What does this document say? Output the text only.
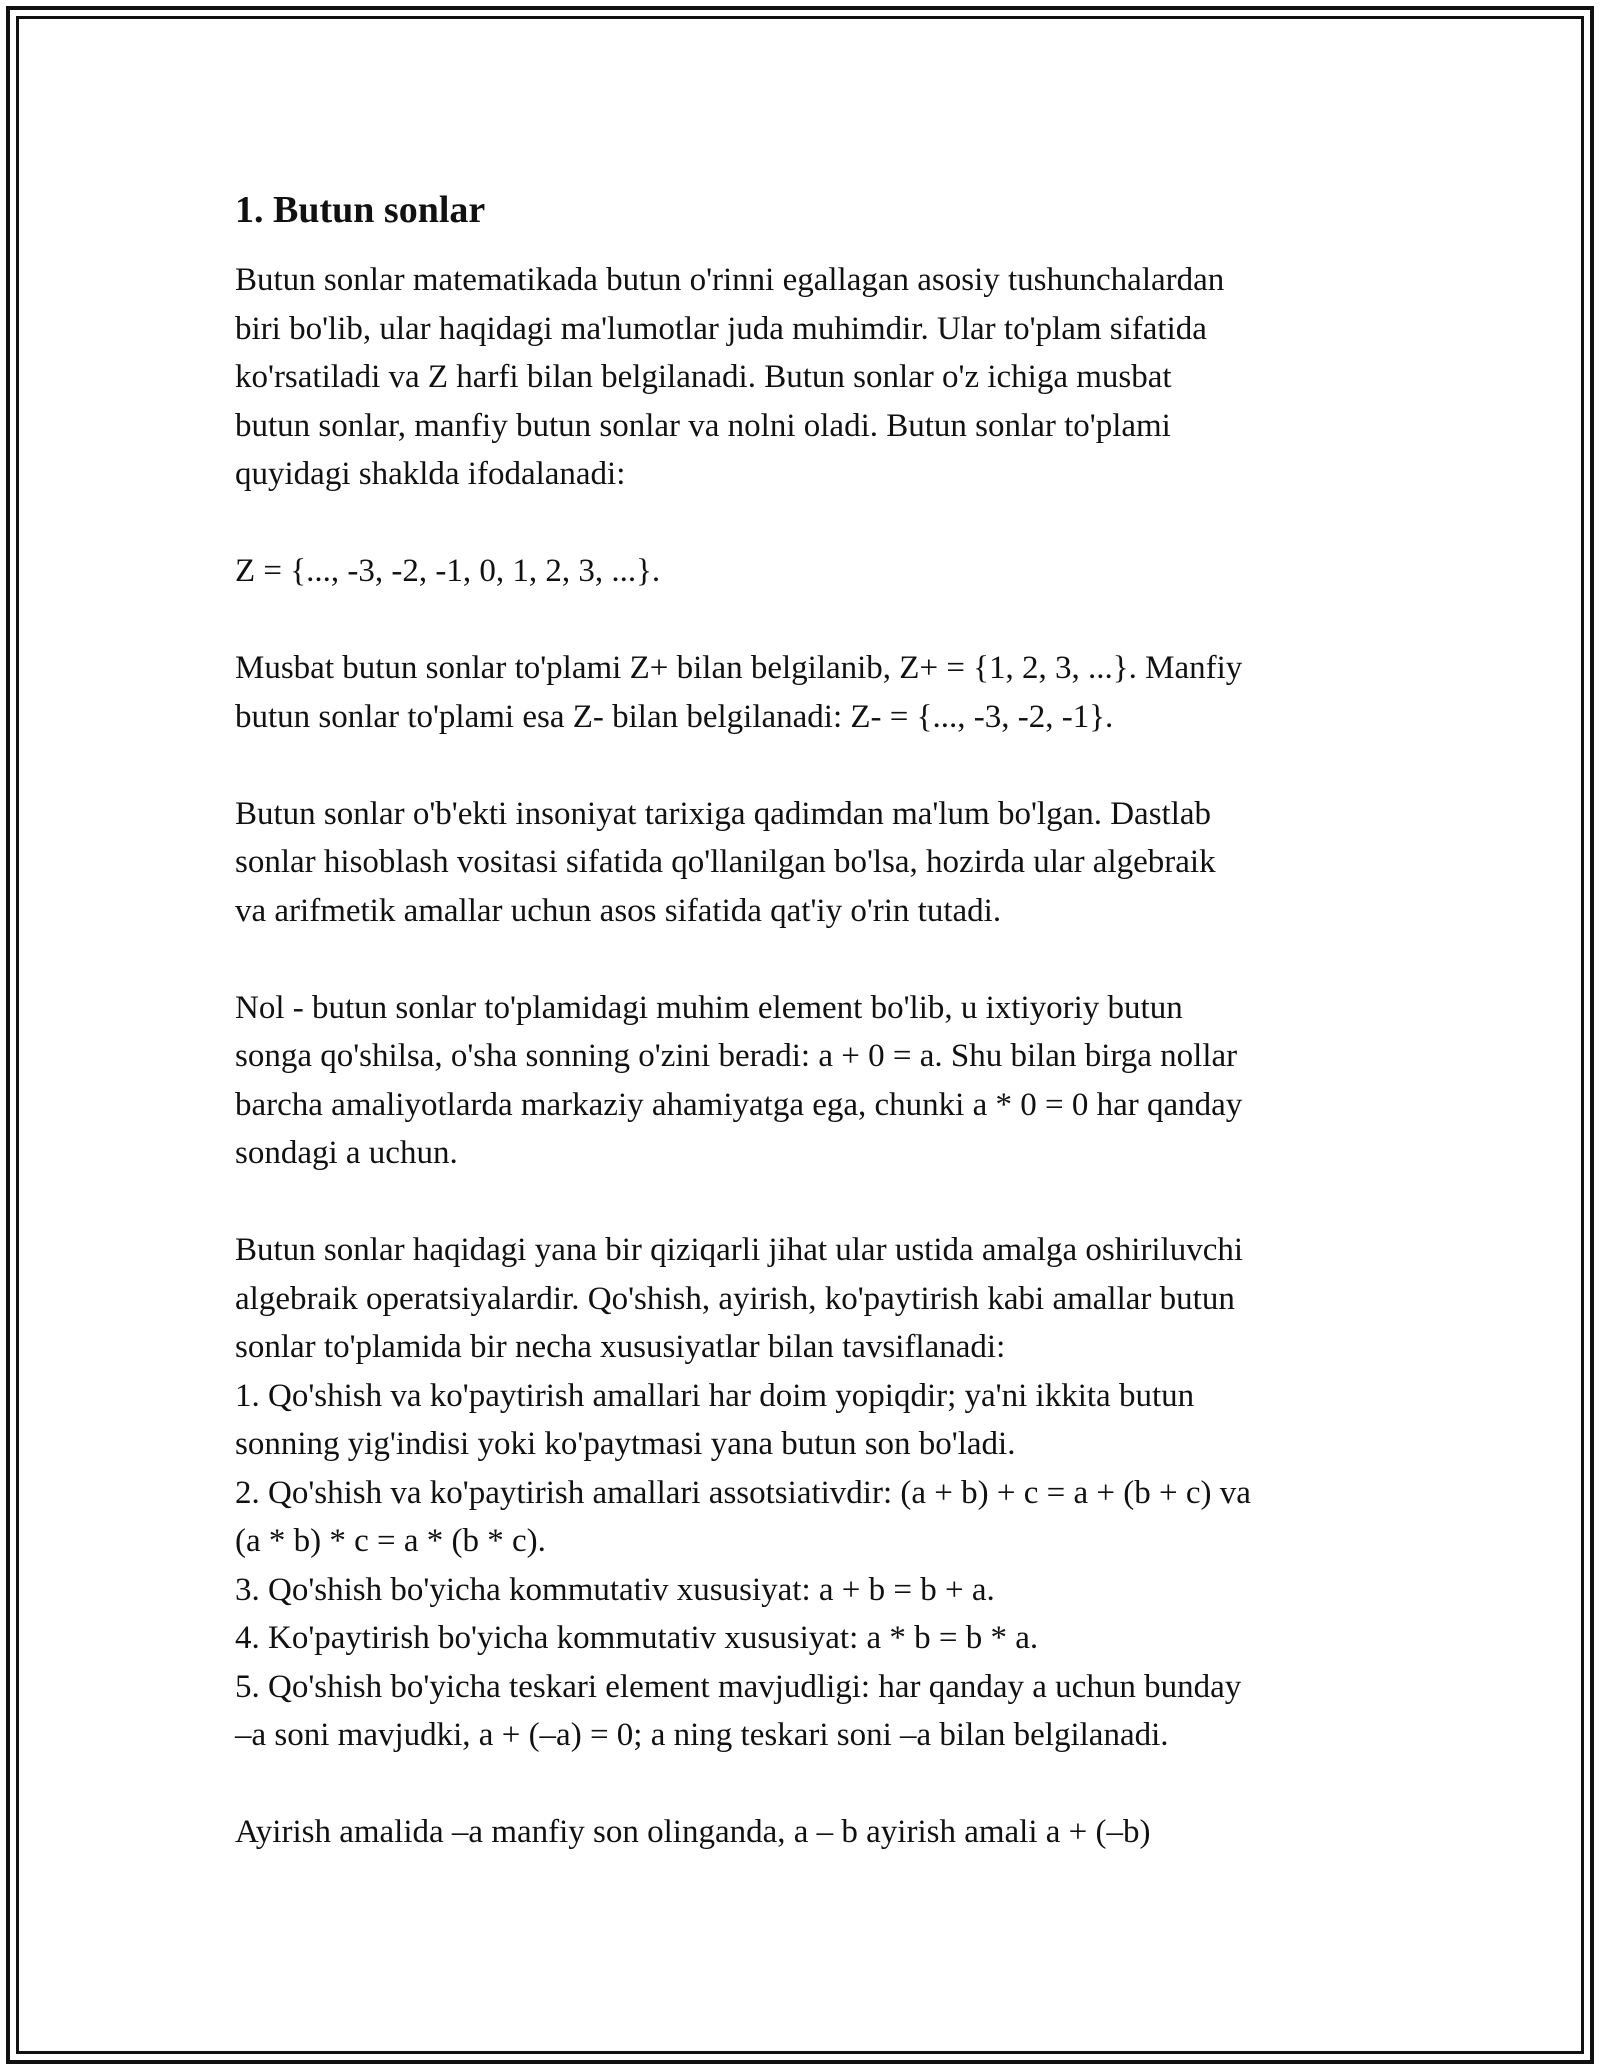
1. Butun sonlar

Butun sonlar matematikada butun o'rinni egallagan asosiy tushunchalardan
biri bo'lib, ular haqidagi ma'lumotlar juda muhimdir. Ular to'plam sifatida
ko'rsatiladi va Z harfi bilan belgilanadi. Butun sonlar o'z ichiga musbat
butun sonlar, manfiy butun sonlar va nolni oladi. Butun sonlar to'plami
quyidagi shaklda ifodalanadi:

Z = {..., -3, -2, -1, 0, 1, 2, 3, ...}.

Musbat butun sonlar to'plami Z+ bilan belgilanib, Z+ = {1, 2, 3, ...}. Manfiy
butun sonlar to'plami esa Z- bilan belgilanadi: Z- = {..., -3, -2, -1}.

Butun sonlar o'b'ekti insoniyat tarixiga qadimdan ma'lum bo'lgan. Dastlab
sonlar hisoblash vositasi sifatida qo'llanilgan bo'lsa, hozirda ular algebraik
va arifmetik amallar uchun asos sifatida qat'iy o'rin tutadi.

Nol - butun sonlar to'plamidagi muhim element bo'lib, u ixtiyoriy butun
songa qo'shilsa, o'sha sonning o'zini beradi: a + 0 = a. Shu bilan birga nollar
barcha amaliyotlarda markaziy ahamiyatga ega, chunki a * 0 = 0 har qanday
sondagi a uchun.

Butun sonlar haqidagi yana bir qiziqarli jihat ular ustida amalga oshiriluvchi
algebraik operatsiyalardir. Qo'shish, ayirish, ko'paytirish kabi amallar butun
sonlar to'plamida bir necha xususiyatlar bilan tavsiflanadi:
1. Qo'shish va ko'paytirish amallari har doim yopiqdir; ya'ni ikkita butun
sonning yig'indisi yoki ko'paytmasi yana butun son bo'ladi.
2. Qo'shish va ko'paytirish amallari assotsiativdir: (a + b) + c = a + (b + c) va
(a * b) * c = a * (b * c).
3. Qo'shish bo'yicha kommutativ xususiyat: a + b = b + a.
4. Ko'paytirish bo'yicha kommutativ xususiyat: a * b = b * a.
5. Qo'shish bo'yicha teskari element mavjudligi: har qanday a uchun bunday
–a soni mavjudki, a + (–a) = 0; a ning teskari soni –a bilan belgilanadi.

Ayirish amalida –a manfiy son olinganda, a – b ayirish amali a + (–b)
